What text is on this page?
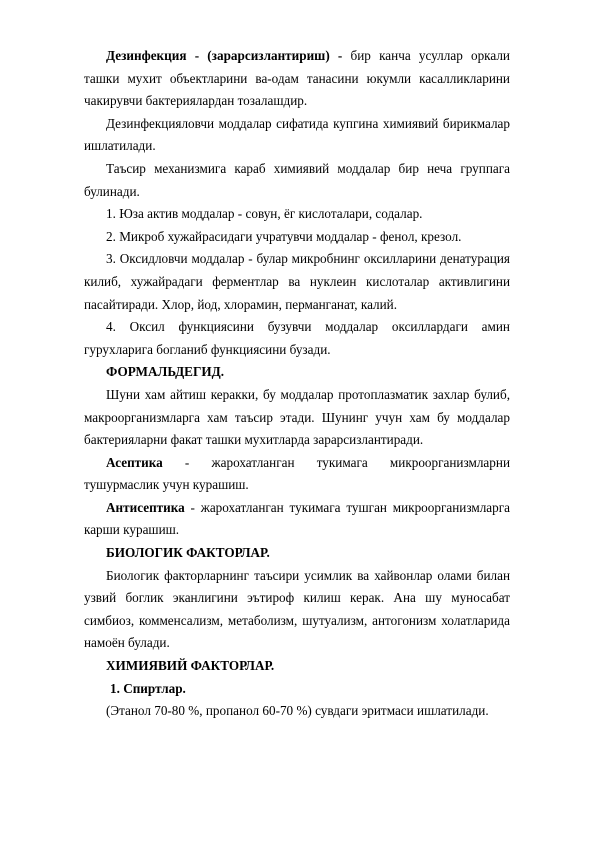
Дезинфекция - (зарарсизлантириш) - бир канча усуллар оркали ташки мухит объектларини ва-одам танасини юкумли касалликларини чакирувчи бактериялардан тозалашдир.

Дезинфекцияловчи моддалар сифатида купгина химиявий бирикмалар ишлатилади.

Таъсир механизмига караб химиявий моддалар бир неча группага булинади.

1. Юза актив моддалар - совун, ёг кислоталари, содалар.

2. Микроб хужайрасидаги учратувчи моддалар - фенол, крезол.

3. Оксидловчи моддалар - булар микробнинг оксилларини денатурация килиб, хужайрадаги ферментлар ва нуклеин кислоталар активлигини пасайтиради. Хлор, йод, хлорамин, перманганат, калий.

4. Оксил функциясини бузувчи моддалар оксиллардаги амин гурухларига богланиб функциясини бузади.

ФОРМАЛЬДЕГИД.

Шуни хам айтиш керакки, бу моддалар протоплазматик захлар булиб, макроорганизмларга хам таъсир этади. Шунинг учун хам бу моддалар бактерияларни факат ташки мухитларда зарарсизлантиради.

Асептика - жарохатланган тукимага микроорганизмларни тушурмаслик учун курашиш.

Антисептика - жарохатланган тукимага тушган микроорганизмларга карши курашиш.

БИОЛОГИК ФАКТОРЛАР.

Биологик факторларнинг таъсири усимлик ва хайвонлар олами билан узвий боглик эканлигини эътироф килиш керак. Ана шу муносабат симбиоз, комменсализм, метаболизм, шутуализм, антогонизм холатларида намоён булади.

ХИМИЯВИЙ ФАКТОРЛАР.

1. Спиртлар.

(Этанол 70-80 %, пропанол 60-70 %) сувдаги эритмаси ишлатилади.
